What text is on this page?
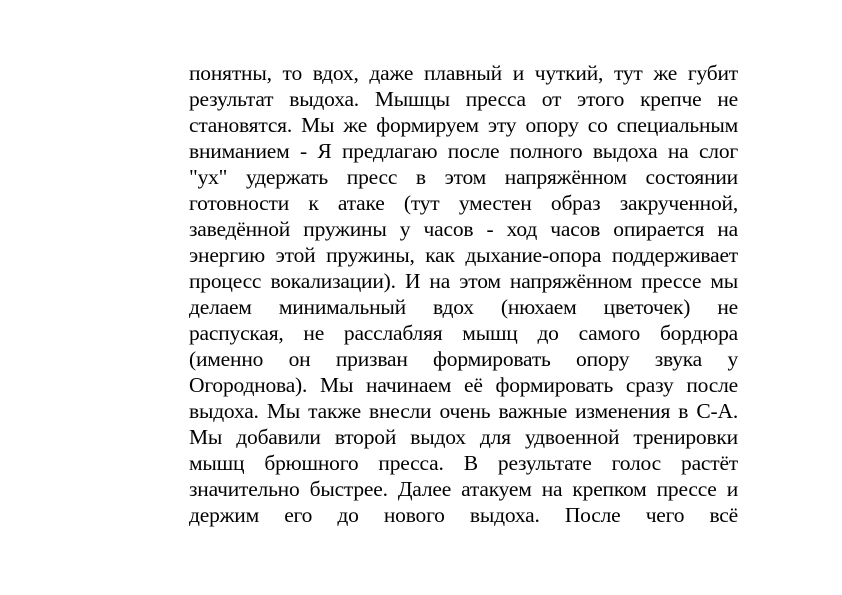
понятны, то вдох, даже плавный и чуткий, тут же губит
результат выдоха. Мышцы пресса от этого крепче не
становятся. Мы же формируем эту опору со специальным
вниманием - Я предлагаю после полного выдоха на слог
"ух" удержать пресс в этом напряжённом состоянии
готовности к атаке (тут уместен образ закрученной,
заведённой пружины у часов - ход часов опирается на
энергию этой пружины, как дыхание-опора поддерживает
процесс вокализации). И на этом напряжённом прессе мы
делаем минимальный вдох (нюхаем цветочек) не
распуская, не расслабляя мышц до самого бордюра
(именно он призван формировать опору звука у
Огороднова). Мы начинаем её формировать сразу после
выдоха. Мы также внесли очень важные изменения в С-А.
Мы добавили второй выдох для удвоенной тренировки
мышц брюшного пресса. В результате голос растёт
значительно быстрее. Далее атакуем на крепком прессе и
держим его до нового выдоха. После чего всё
